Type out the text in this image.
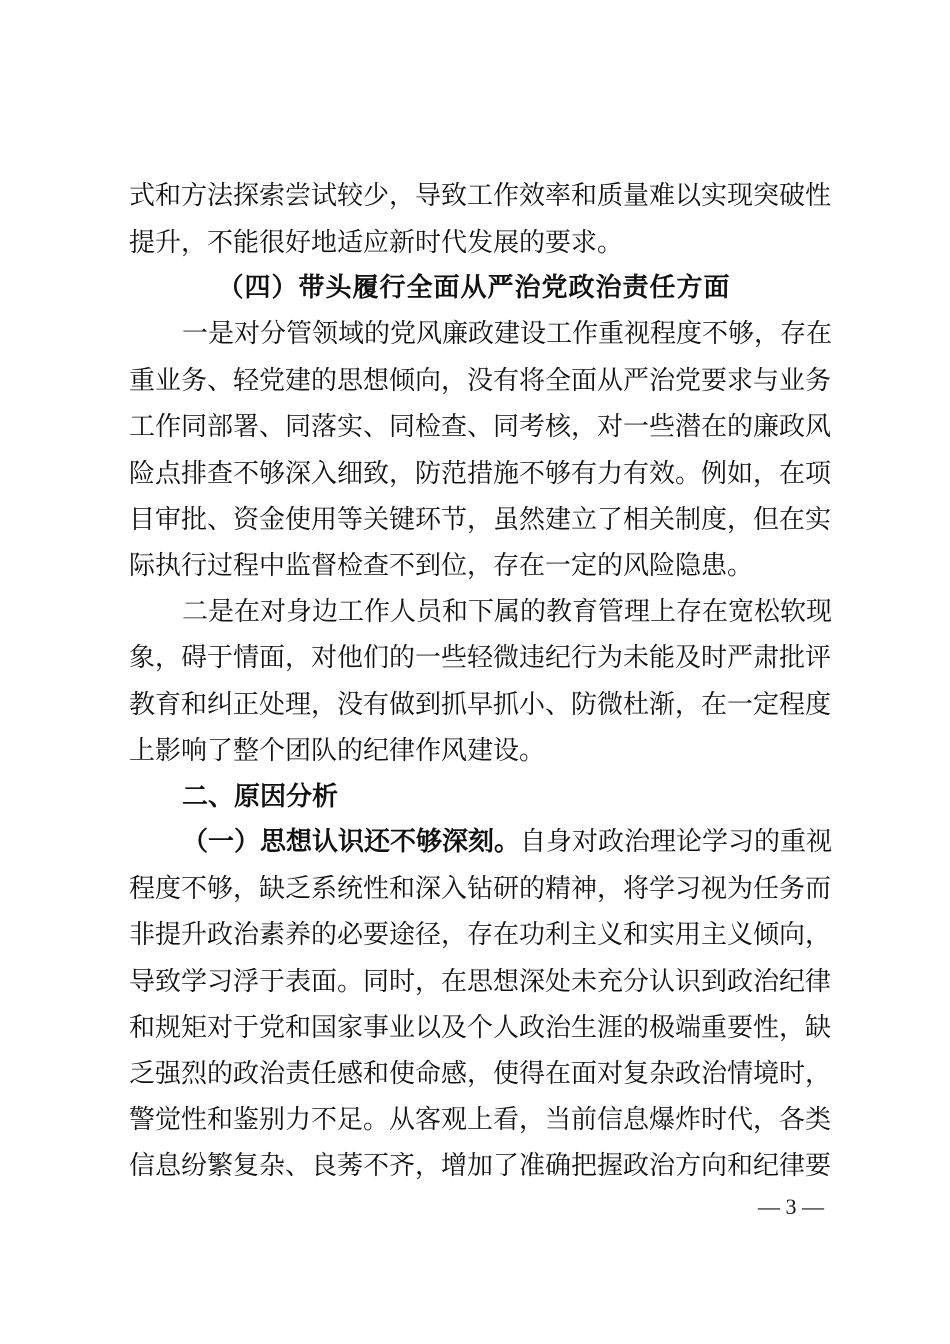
式和方法探索尝试较少，导致工作效率和质量难以实现突破性
提升，不能很好地适应新时代发展的要求。
（四）带头履行全面从严治党政治责任方面
一是对分管领域的党风廉政建设工作重视程度不够，存在
重业务、轻党建的思想倾向，没有将全面从严治党要求与业务
工作同部署、同落实、同检查、同考核，对一些潜在的廉政风
险点排查不够深入细致，防范措施不够有力有效。例如，在项
目审批、资金使用等关键环节，虽然建立了相关制度，但在实
际执行过程中监督检查不到位，存在一定的风险隐患。
二是在对身边工作人员和下属的教育管理上存在宽松软现
象，碍于情面，对他们的一些轻微违纪行为未能及时严肃批评
教育和纠正处理，没有做到抓早抓小、防微杜渐，在一定程度
上影响了整个团队的纪律作风建设。
二、原因分析
（一）思想认识还不够深刻。自身对政治理论学习的重视
程度不够，缺乏系统性和深入钻研的精神，将学习视为任务而
非提升政治素养的必要途径，存在功利主义和实用主义倾向，
导致学习浮于表面。同时，在思想深处未充分认识到政治纪律
和规矩对于党和国家事业以及个人政治生涯的极端重要性，缺
乏强烈的政治责任感和使命感，使得在面对复杂政治情境时，
警觉性和鉴别力不足。从客观上看，当前信息爆炸时代，各类
信息纷繁复杂、良莠不齐，增加了准确把握政治方向和纪律要
— 3 —
